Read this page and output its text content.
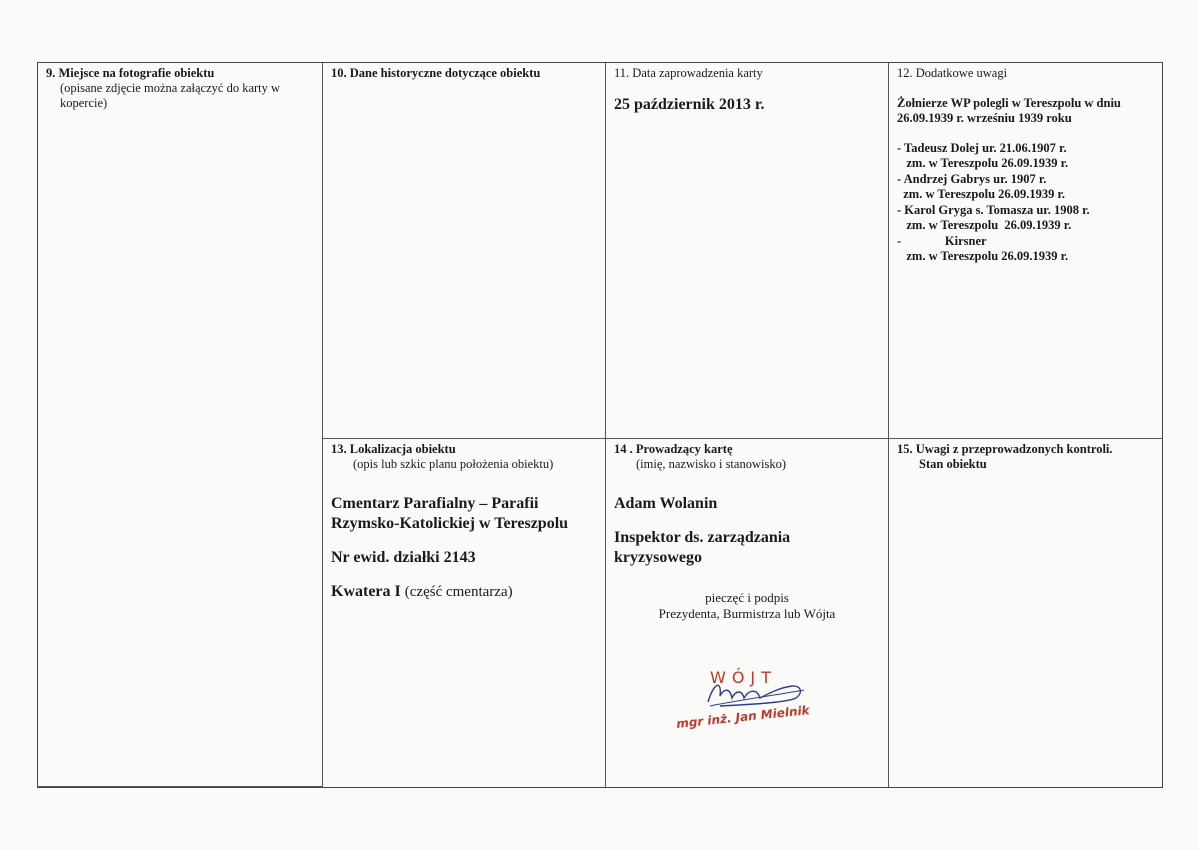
9. Miejsce na fotografie obiektu
(opisane zdjęcie można załączyć do karty w
kopercie)
10. Dane historyczne dotyczące obiektu	11. Data zaprowadzenia karty
25 październik 2013 r.
12. Dodatkowe uwagi
Żołnierze WP polegli w Tereszpolu w dniu
26.09.1939 r. wrześniu 1939 roku
- Tadeusz Dolej ur. 21.06.1907 r.
zm. w Tereszpolu 26.09.1939 r.
- Andrzej Gabrys ur. 1907 r.
zm. w Tereszpolu 26.09.1939 r.
- Karol Gryga s. Tomasza ur. 1908 r.
zm. w Tereszpolu  26.09.1939 r.
-              Kirsner
zm. w Tereszpolu 26.09.1939 r.
13. Lokalizacja obiektu
(opis lub szkic planu położenia obiektu)
Cmentarz Parafialny – Parafii
Rzymsko-Katolickiej w Tereszpolu
Nr ewid. działki 2143
Kwatera I (część cmentarza)
14 . Prowadzący kartę
(imię, nazwisko i stanowisko)
Adam Wolanin
Inspektor ds. zarządzania
kryzysowego
pieczęć i podpis
Prezydenta, Burmistrza lub Wójta
15. Uwagi z przeprowadzonych kontroli.
Stan obiektu
WÓJT
mgr inż. Jan Mielnik
